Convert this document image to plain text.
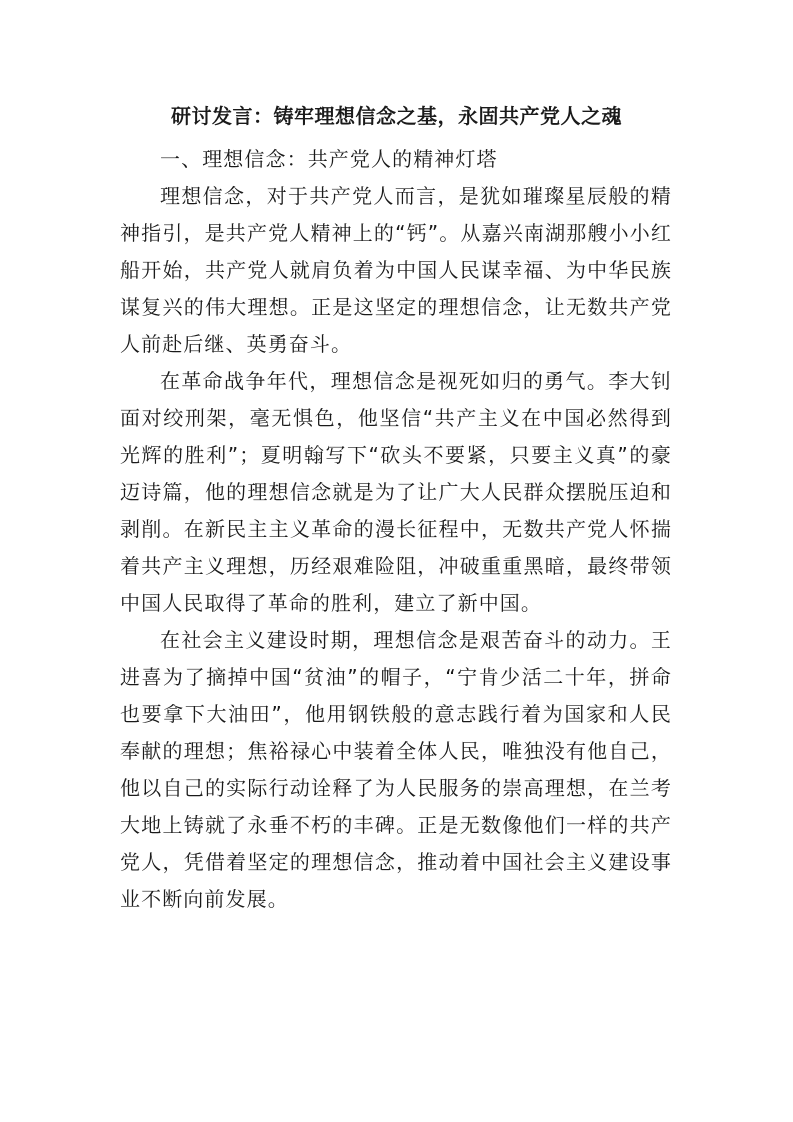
研讨发言：铸牢理想信念之基，永固共产党人之魂

一、理想信念：共产党人的精神灯塔

理想信念，对于共产党人而言，是犹如璀璨星辰般的精神指引，是共产党人精神上的“钙”。从嘉兴南湖那艘小小红船开始，共产党人就肩负着为中国人民谋幸福、为中华民族谋复兴的伟大理想。正是这坚定的理想信念，让无数共产党人前赴后继、英勇奋斗。

在革命战争年代，理想信念是视死如归的勇气。李大钊面对绞刑架，毫无惧色，他坚信“共产主义在中国必然得到光辉的胜利”；夏明翰写下“砍头不要紧，只要主义真”的豪迈诗篇，他的理想信念就是为了让广大人民群众摆脱压迫和剥削。在新民主主义革命的漫长征程中，无数共产党人怀揣着共产主义理想，历经艰难险阻，冲破重重黑暗，最终带领中国人民取得了革命的胜利，建立了新中国。

在社会主义建设时期，理想信念是艰苦奋斗的动力。王进喜为了摘掉中国“贫油”的帽子，“宁肯少活二十年，拼命也要拿下大油田”，他用钢铁般的意志践行着为国家和人民奉献的理想；焦裕禄心中装着全体人民，唯独没有他自己，他以自己的实际行动诠释了为人民服务的崇高理想，在兰考大地上铸就了永垂不朽的丰碑。正是无数像他们一样的共产党人，凭借着坚定的理想信念，推动着中国社会主义建设事业不断向前发展。
